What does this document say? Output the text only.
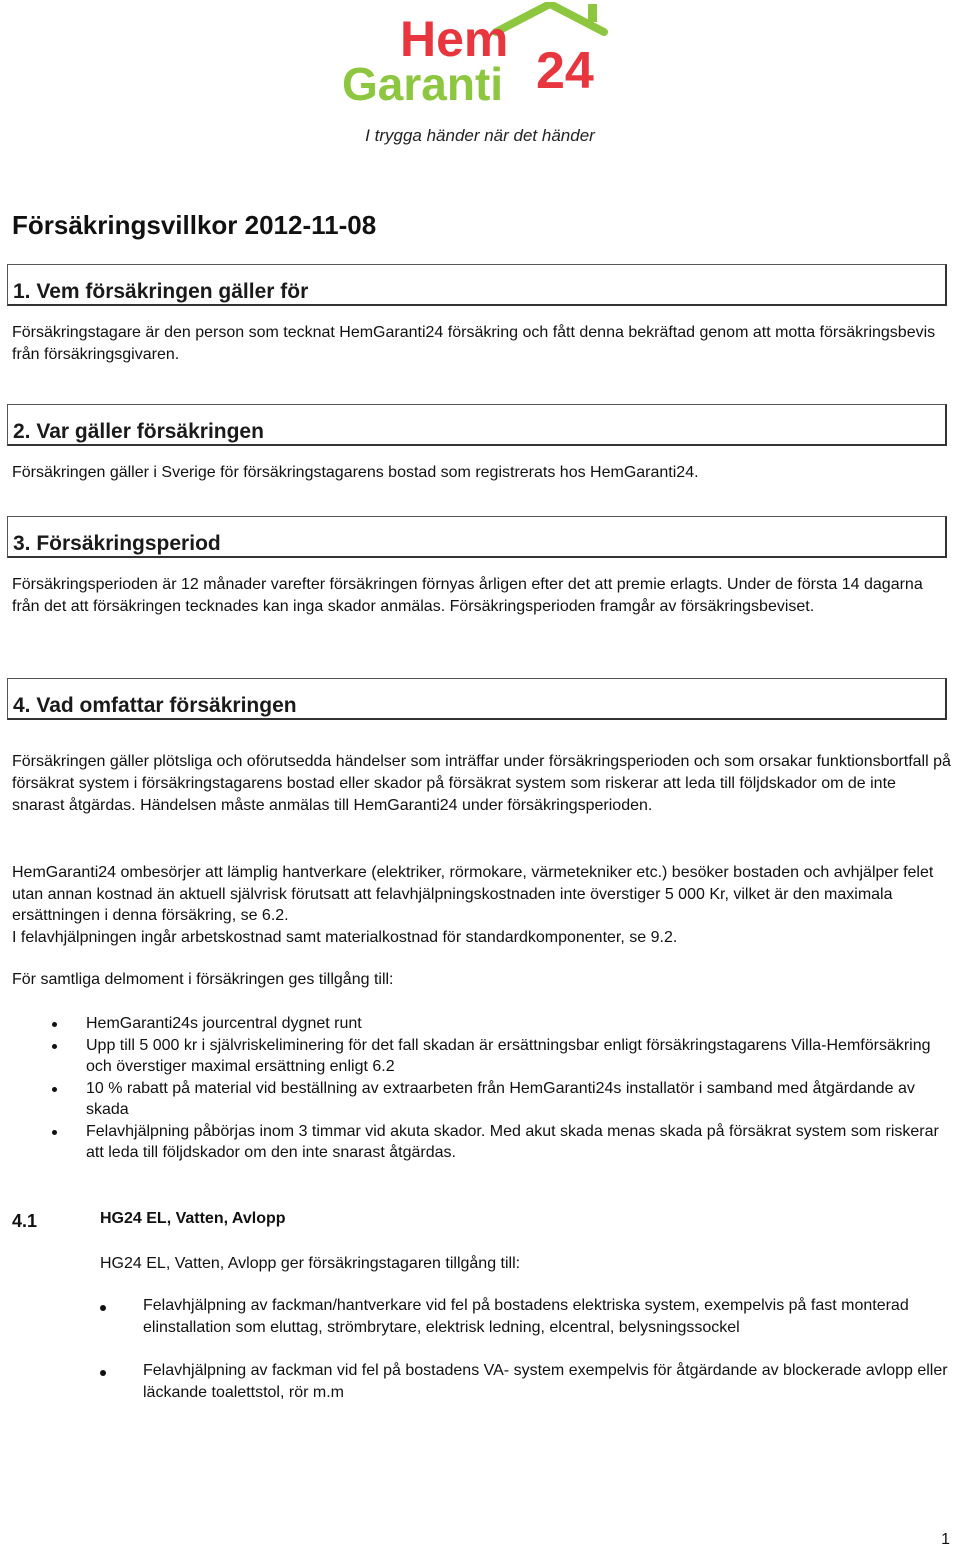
Hem
Garanti 24
I trygga händer när det händer
Försäkringsvillkor 2012-11-08
1. Vem försäkringen gäller för

Försäkringstagare är den person som tecknat HemGaranti24 försäkring och fått denna bekräftad genom att motta försäkringsbevis från försäkringsgivaren.

2. Var gäller försäkringen

Försäkringen gäller i Sverige för försäkringstagarens bostad som registrerats hos HemGaranti24.

3. Försäkringsperiod

Försäkringsperioden är 12 månader varefter försäkringen förnyas årligen efter det att premie erlagts. Under de första 14 dagarna från det att försäkringen tecknades kan inga skador anmälas. Försäkringsperioden framgår av försäkringsbeviset.

4. Vad omfattar försäkringen

Försäkringen gäller plötsliga och oförutsedda händelser som inträffar under försäkringsperioden och som orsakar funktionsbortfall på försäkrat system i försäkringstagarens bostad eller skador på försäkrat system som riskerar att leda till följdskador om de inte snarast åtgärdas. Händelsen måste anmälas till HemGaranti24 under försäkringsperioden.

HemGaranti24 ombesörjer att lämplig hantverkare (elektriker, rörmokare, värmetekniker etc.) besöker bostaden och avhjälper felet utan annan kostnad än aktuell självrisk förutsatt att felavhjälpningskostnaden inte överstiger 5 000 Kr, vilket är den maximala ersättningen i denna försäkring, se 6.2.

I felavhjälpningen ingår arbetskostnad samt materialkostnad för standardkomponenter, se 9.2.

För samtliga delmoment i försäkringen ges tillgång till:

HemGaranti24s jourcentral dygnet runt
Upp till 5 000 kr i självriskeliminering för det fall skadan är ersättningsbar enligt försäkringstagarens Villa-Hemförsäkring och överstiger maximal ersättning enligt 6.2
10 % rabatt på material vid beställning av extraarbeten från HemGaranti24s installatör i samband med åtgärdande av skada
Felavhjälpning påbörjas inom 3 timmar vid akuta skador. Med akut skada menas skada på försäkrat system som riskerar att leda till följdskador om den inte snarast åtgärdas.
4.1	HG24 EL, Vatten, Avlopp

HG24 EL, Vatten, Avlopp ger försäkringstagaren tillgång till:

Felavhjälpning av fackman/hantverkare vid fel på bostadens elektriska system, exempelvis på fast monterad elinstallation som eluttag, strömbrytare, elektrisk ledning, elcentral, belysningssockel
Felavhjälpning av fackman vid fel på bostadens VA- system exempelvis för åtgärdande av blockerade avlopp eller läckande toalettstol, rör m.m
1
